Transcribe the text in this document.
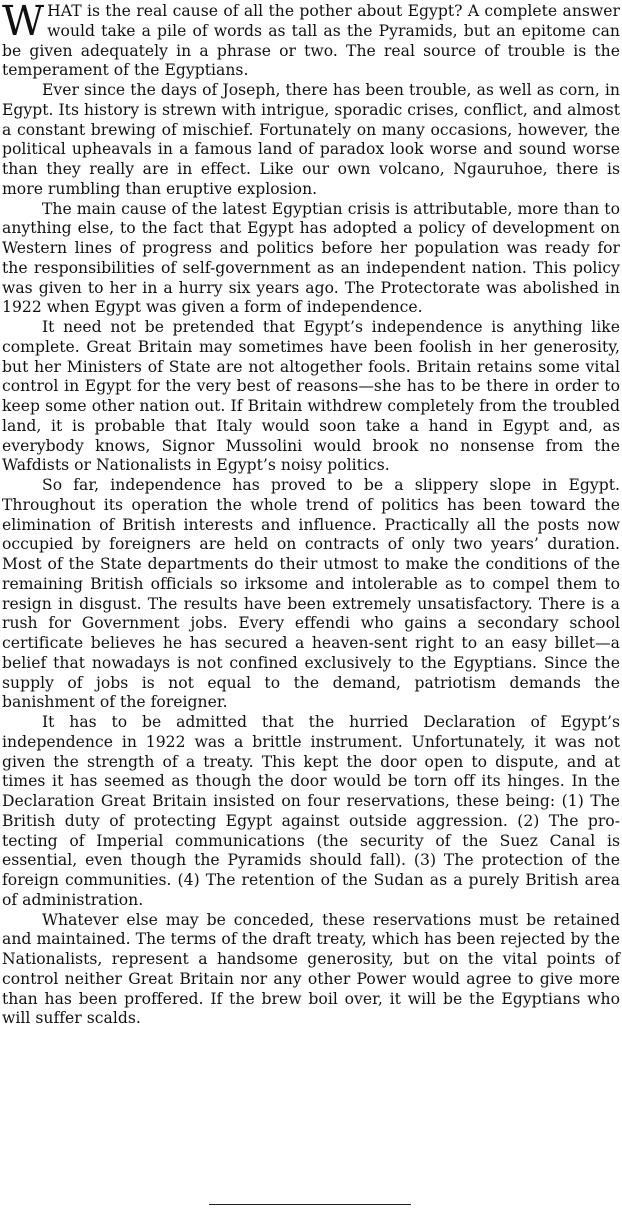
WHAT is the real cause of all the pother about Egypt? A complete answer would take a pile of words as tall as the Pyramids, but an epitome can be given adequately in a phrase or two. The real source of trouble is the temperament of the Egyptians.

Ever since the days of Joseph, there has been trouble, as well as corn, in Egypt. Its history is strewn with intrigue, sporadic crises, conflict, and almost a constant brewing of mischief. Fortunately on many occasions, however, the political upheavals in a famous land of paradox look worse and sound worse than they really are in effect. Like our own volcano, Ngauruhoe, there is more rumbling than eruptive explosion.

The main cause of the latest Egyptian crisis is attributable, more than to anything else, to the fact that Egypt has adopted a policy of development on Western lines of progress and politics before her population was ready for the responsibilities of self-government as an independent nation. This policy was given to her in a hurry six years ago. The Protectorate was abolished in 1922 when Egypt was given a form of independence.

It need not be pretended that Egypt’s independence is anything like complete. Great Britain may sometimes have been foolish in her generosity, but her Ministers of State are not altogether fools. Britain retains some vital control in Egypt for the very best of reasons—she has to be there in order to keep some other nation out. If Britain withdrew completely from the troubled land, it is probable that Italy would soon take a hand in Egypt and, as everybody knows, Signor Mussolini would brook no nonsense from the Wafdists or Nationalists in Egypt’s noisy politics.

So far, independence has proved to be a slippery slope in Egypt. Throughout its operation the whole trend of politics has been toward the elimination of British interests and influence. Practically all the posts now occupied by foreigners are held on contracts of only two years’ duration. Most of the State departments do their utmost to make the conditions of the remaining British officials so irksome and intolerable as to compel them to resign in disgust. The results have been extremely unsatisfactory. There is a rush for Government jobs. Every effendi who gains a secondary school certificate believes he has secured a heaven-sent right to an easy billet—a belief that nowadays is not confined exclusively to the Egyptians. Since the supply of jobs is not equal to the demand, patriotism demands the banishment of the foreigner.

It has to be admitted that the hurried Declaration of Egypt’s independence in 1922 was a brittle instrument. Unfortunately, it was not given the strength of a treaty. This kept the door open to dispute, and at times it has seemed as though the door would be torn off its hinges. In the Declaration Great Britain insisted on four reservations, these being: (1) The British duty of protecting Egypt against outside aggression. (2) The protecting of Imperial communications (the security of the Suez Canal is essential, even though the Pyramids should fall). (3) The protection of the foreign communities. (4) The retention of the Sudan as a purely British area of administration.

Whatever else may be conceded, these reservations must be retained and maintained. The terms of the draft treaty, which has been rejected by the Nationalists, represent a handsome generosity, but on the vital points of control neither Great Britain nor any other Power would agree to give more than has been proffered. If the brew boil over, it will be the Egyptians who will suffer scalds.
